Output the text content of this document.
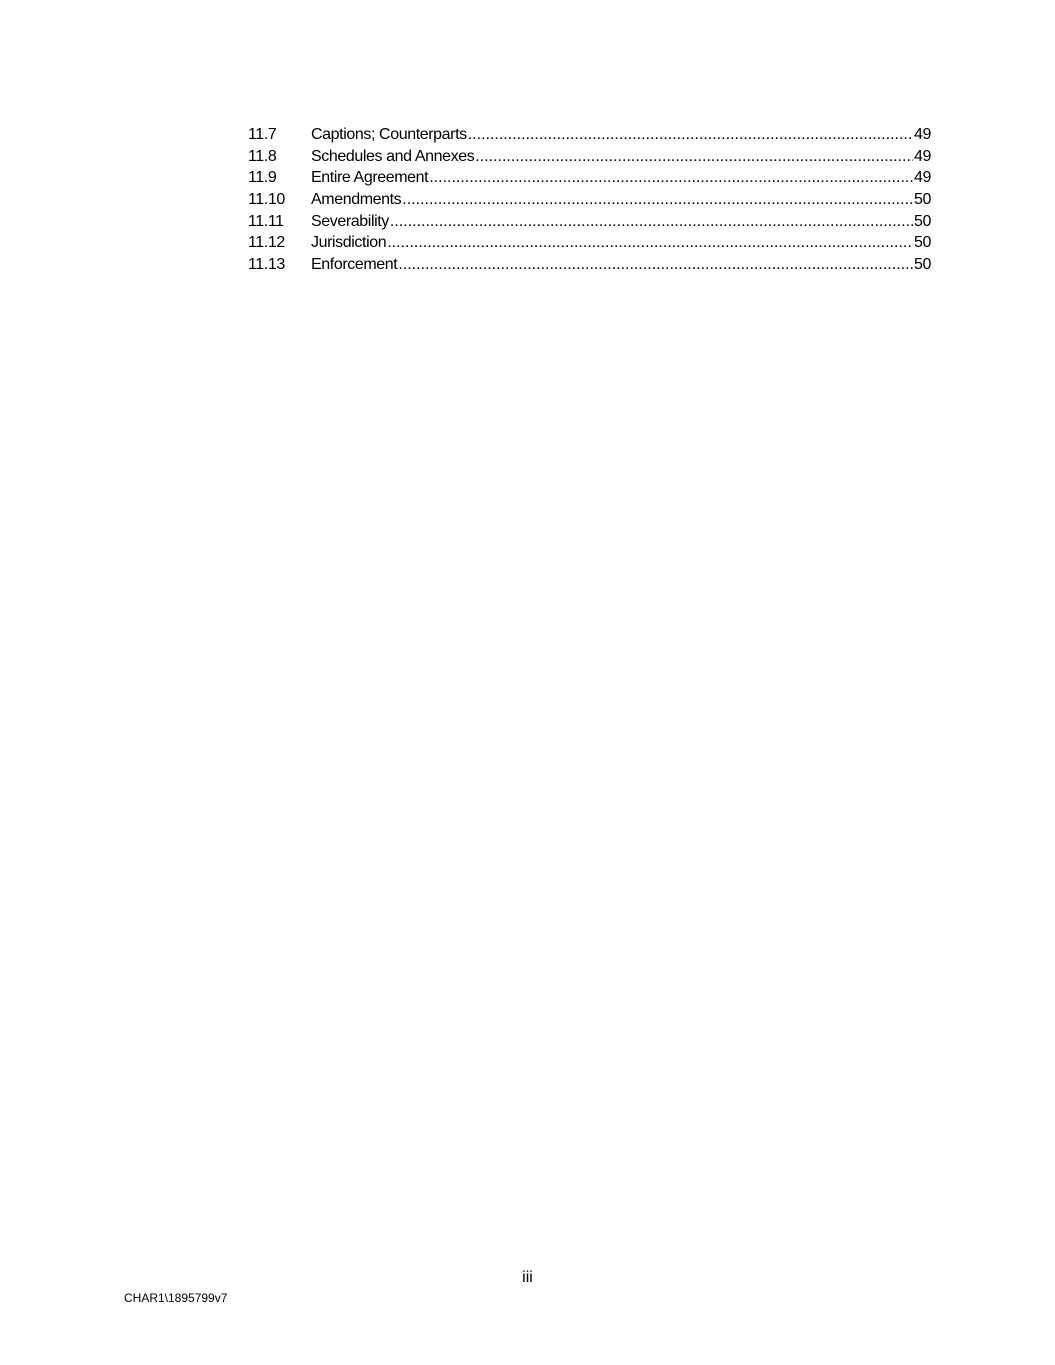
11.7	Captions; Counterparts .....	49
11.8	Schedules and Annexes .....	49
11.9	Entire Agreement .....	49
11.10	Amendments .....	50
11.11	Severability .....	50
11.12	Jurisdiction .....	50
11.13	Enforcement .....	50
iii
CHAR1\1895799v7
